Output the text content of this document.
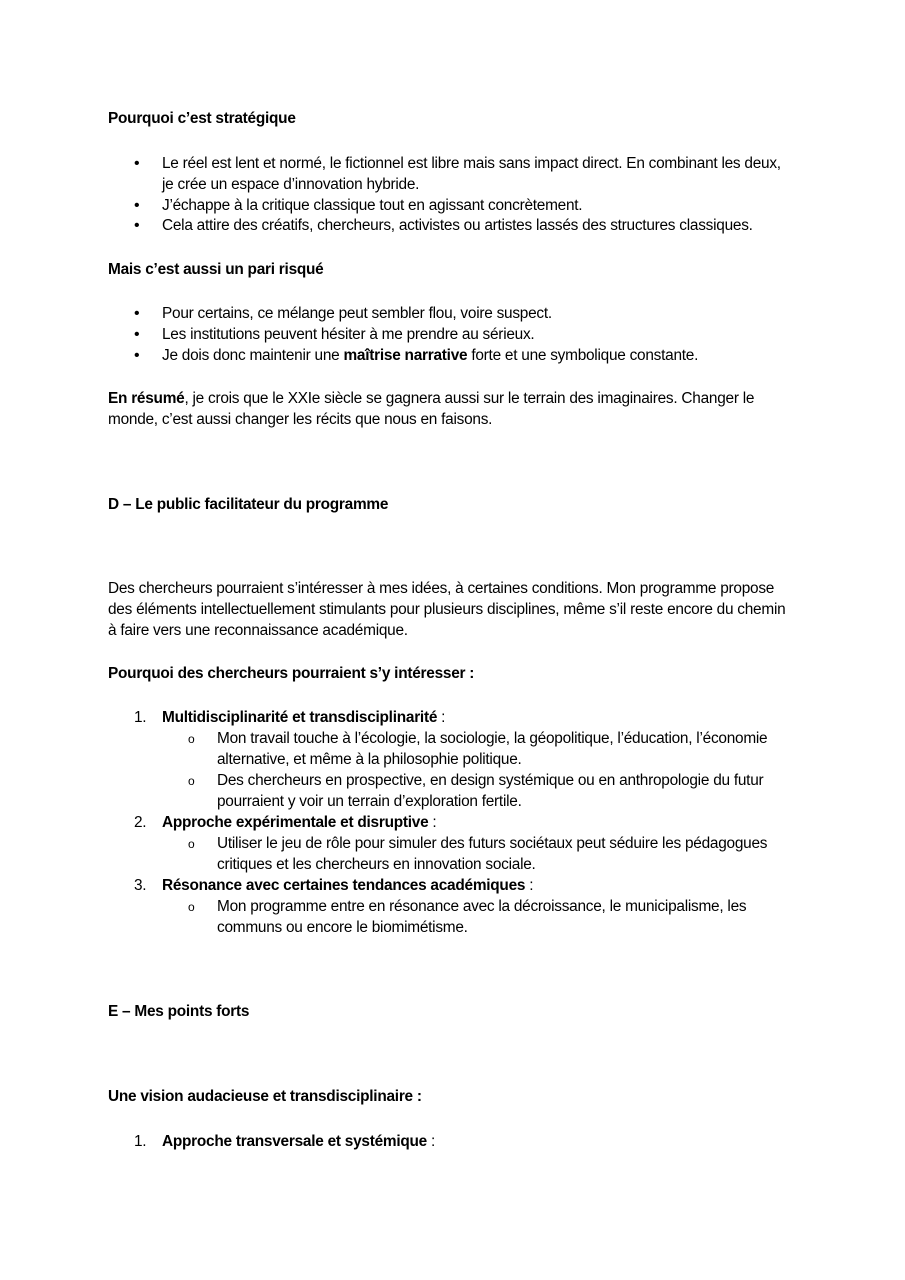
Pourquoi c’est stratégique
• Le réel est lent et normé, le fictionnel est libre mais sans impact direct. En combinant les deux,
je crée un espace d’innovation hybride.
• J’échappe à la critique classique tout en agissant concrètement.
• Cela attire des créatifs, chercheurs, activistes ou artistes lassés des structures classiques.
Mais c’est aussi un pari risqué
• Pour certains, ce mélange peut sembler flou, voire suspect.
• Les institutions peuvent hésiter à me prendre au sérieux.
• Je dois donc maintenir une maîtrise narrative forte et une symbolique constante.
En résumé, je crois que le XXIe siècle se gagnera aussi sur le terrain des imaginaires. Changer le
monde, c’est aussi changer les récits que nous en faisons.
D – Le public facilitateur du programme
Des chercheurs pourraient s’intéresser à mes idées, à certaines conditions. Mon programme propose
des éléments intellectuellement stimulants pour plusieurs disciplines, même s’il reste encore du chemin
à faire vers une reconnaissance académique.
Pourquoi des chercheurs pourraient s’y intéresser :
1.	Multidisciplinarité et transdisciplinarité :
o Mon travail touche à l’écologie, la sociologie, la géopolitique, l’éducation, l’économie
alternative, et même à la philosophie politique.
o Des chercheurs en prospective, en design systémique ou en anthropologie du futur
pourraient y voir un terrain d’exploration fertile.
2.	Approche expérimentale et disruptive :
o Utiliser le jeu de rôle pour simuler des futurs sociétaux peut séduire les pédagogues
critiques et les chercheurs en innovation sociale.
3.	Résonance avec certaines tendances académiques :
o Mon programme entre en résonance avec la décroissance, le municipalisme, les
communs ou encore le biomimétisme.
E – Mes points forts
Une vision audacieuse et transdisciplinaire :
1.	Approche transversale et systémique :
